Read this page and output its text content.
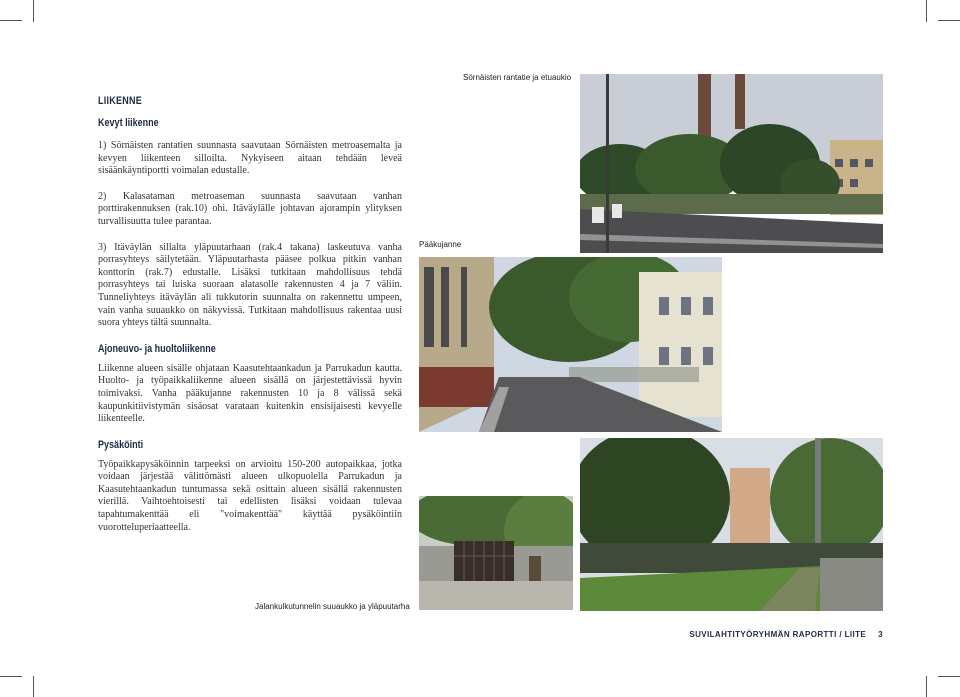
LIIKENNE
Kevyt liikenne

1) Sörnäisten rantatien suunnasta saavutaan Sörnäisten metroasemalta ja kevyen liikenteen silloilta. Nykyiseen aitaan tehdään leveä sisäänkäyntiportti voimalan edustalle.

2) Kalasataman metroaseman suunnasta saavutaan vanhan porttirakennuksen (rak.10) ohi. Itäväylälle johtavan ajorampin ylityksen turvallisuutta tulee parantaa.

3) Itäväylän sillalta yläpuutarhaan (rak.4 takana) laskeutuva vanha porrasyhteys säilytetään. Yläpuutarhasta pääsee polkua pitkin vanhan konttorin (rak.7) edustalle. Lisäksi tutkitaan mahdollisuus tehdä porrasyhteys tai luiska suoraan alatasolle rakennusten 4 ja 7 väliin. Tunneliyhteys itäväylän ali tukkutorin suunnalta on rakennettu umpeen, vain vanha suuaukko on näkyvissä. Tutkitaan mahdollisuus rakentaa uusi suora yhteys tältä suunnalta.

Ajoneuvo- ja huoltoliikenne

Liikenne alueen sisälle ohjataan Kaasutehtaankadun ja Parrukadun kautta. Huolto- ja työpaikkaliikenne alueen sisällä on järjestettävissä hyvin toimivaksi. Vanha pääkujanne rakennusten 10 ja 8 välissä sekä kaupunkitiivistymän sisäosat varataan kuitenkin ensisijaisesti kevyelle liikenteelle.

Pysäköinti

Työpaikkapysäköinnin tarpeeksi on arvioitu 150-200 autopaikkaa, jotka voidaan järjestää välittömästi alueen ulkopuolella Parrukadun ja Kaasutehtaankadun tuntumassa sekä osittain alueen sisällä rakennusten vierillä. Vaihtoehtoisesti tai edellisten lisäksi voidaan tulevaa tapahtumakenttää eli "voimakenttää" käyttää pysäköintiin vuorotteluperiaatteella.

Sörnäisten rantatie ja etuaukio
Pääkujanne
Jalankulkutunnelin suuaukko ja yläpuutarha
SUVILAHTITYÖRYHMÄN RAPORTTI / LIITE 3
